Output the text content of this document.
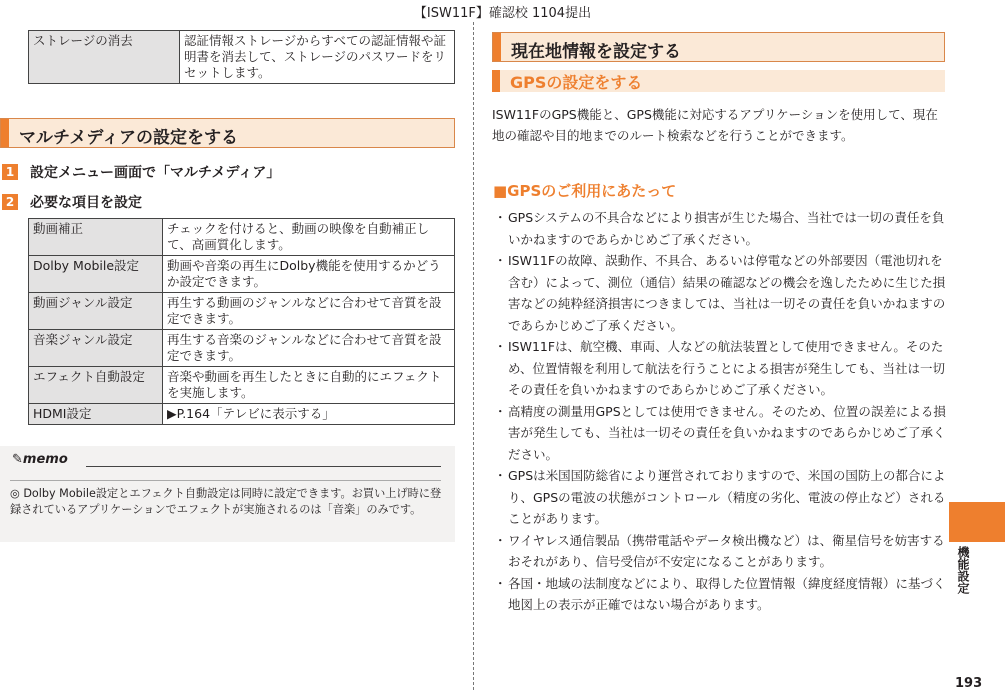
【ISW11F】確認校 1104提出
ストレージの消去	認証情報ストレージからすべての認証情報や証明書を消去して、ストレージのパスワードをリセットします。
マルチメディアの設定をする
1 設定メニュー画面で「マルチメディア」
2 必要な項目を設定
動画補正	チェックを付けると、動画の映像を自動補正して、高画質化します。
Dolby Mobile設定	動画や音楽の再生にDolby機能を使用するかどうか設定できます。
動画ジャンル設定	再生する動画のジャンルなどに合わせて音質を設定できます。
音楽ジャンル設定	再生する音楽のジャンルなどに合わせて音質を設定できます。
エフェクト自動設定	音楽や動画を再生したときに自動的にエフェクトを実施します。
HDMI設定	▶P.164「テレビに表示する」
✎memo
◎ Dolby Mobile設定とエフェクト自動設定は同時に設定できます。お買い上げ時に登録されているアプリケーションでエフェクトが実施されるのは「音楽」のみです。
現在地情報を設定する
GPSの設定をする
ISW11FのGPS機能と、GPS機能に対応するアプリケーションを使用して、現在地の確認や目的地までのルート検索などを行うことができます。
■GPSのご利用にあたって
・ GPSシステムの不具合などにより損害が生じた場合、当社では一切の責任を負いかねますのであらかじめご了承ください。
・ ISW11Fの故障、誤動作、不具合、あるいは停電などの外部要因（電池切れを含む）によって、測位（通信）結果の確認などの機会を逸したために生じた損害などの純粋経済損害につきましては、当社は一切その責任を負いかねますのであらかじめご了承ください。
・ ISW11Fは、航空機、車両、人などの航法装置として使用できません。そのため、位置情報を利用して航法を行うことによる損害が発生しても、当社は一切その責任を負いかねますのであらかじめご了承ください。
・ 高精度の測量用GPSとしては使用できません。そのため、位置の誤差による損害が発生しても、当社は一切その責任を負いかねますのであらかじめご了承ください。
・ GPSは米国国防総省により運営されておりますので、米国の国防上の都合により、GPSの電波の状態がコントロール（精度の劣化、電波の停止など）されることがあります。
・ ワイヤレス通信製品（携帯電話やデータ検出機など）は、衛星信号を妨害するおそれがあり、信号受信が不安定になることがあります。
・ 各国・地域の法制度などにより、取得した位置情報（緯度経度情報）に基づく地図上の表示が正確ではない場合があります。
機能設定
193
